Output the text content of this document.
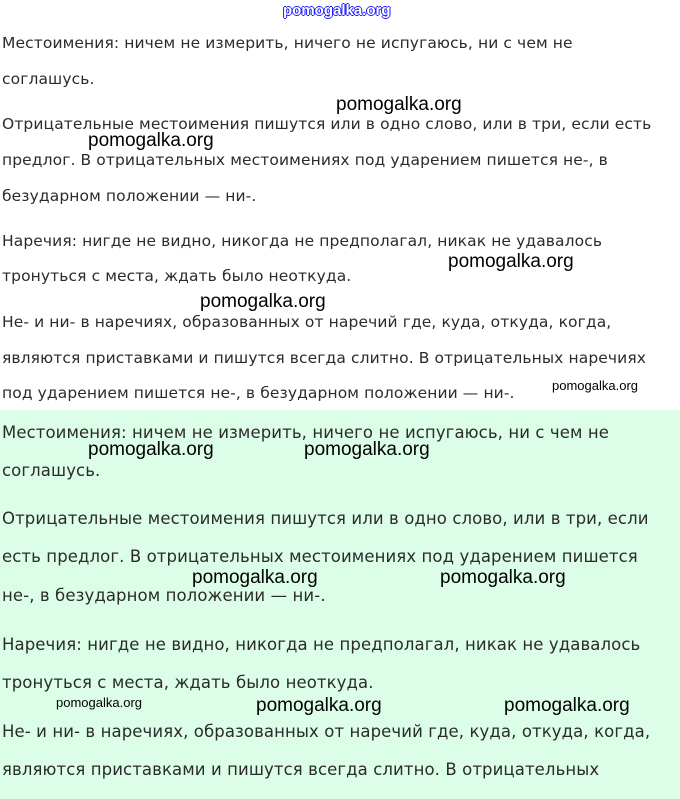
pomogalka.org
Местоимения: ничем не измерить, ничего не испугаюсь, ни с чем не
соглашусь.
Отрицательные местоимения пишутся или в одно слово, или в три, если есть
предлог. В отрицательных местоимениях под ударением пишется не-, в
безударном положении — ни-.
Наречия: нигде не видно, никогда не предполагал, никак не удавалось
тронуться с места, ждать было неоткуда.
Не- и ни- в наречиях, образованных от наречий где, куда, откуда, когда,
являются приставками и пишутся всегда слитно. В отрицательных наречиях
под ударением пишется не-, в безударном положении — ни-.
Местоимения: ничем не измерить, ничего не испугаюсь, ни с чем не
соглашусь.
Отрицательные местоимения пишутся или в одно слово, или в три, если
есть предлог. В отрицательных местоимениях под ударением пишется
не-, в безударном положении — ни-.
Наречия: нигде не видно, никогда не предполагал, никак не удавалось
тронуться с места, ждать было неоткуда.
Не- и ни- в наречиях, образованных от наречий где, куда, откуда, когда,
являются приставками и пишутся всегда слитно. В отрицательных
pomogalka.org
pomogalka.org
pomogalka.org
pomogalka.org
pomogalka.org
pomogalka.org	pomogalka.org
pomogalka.org	pomogalka.org
pomogalka.org	pomogalka.org	pomogalka.org
